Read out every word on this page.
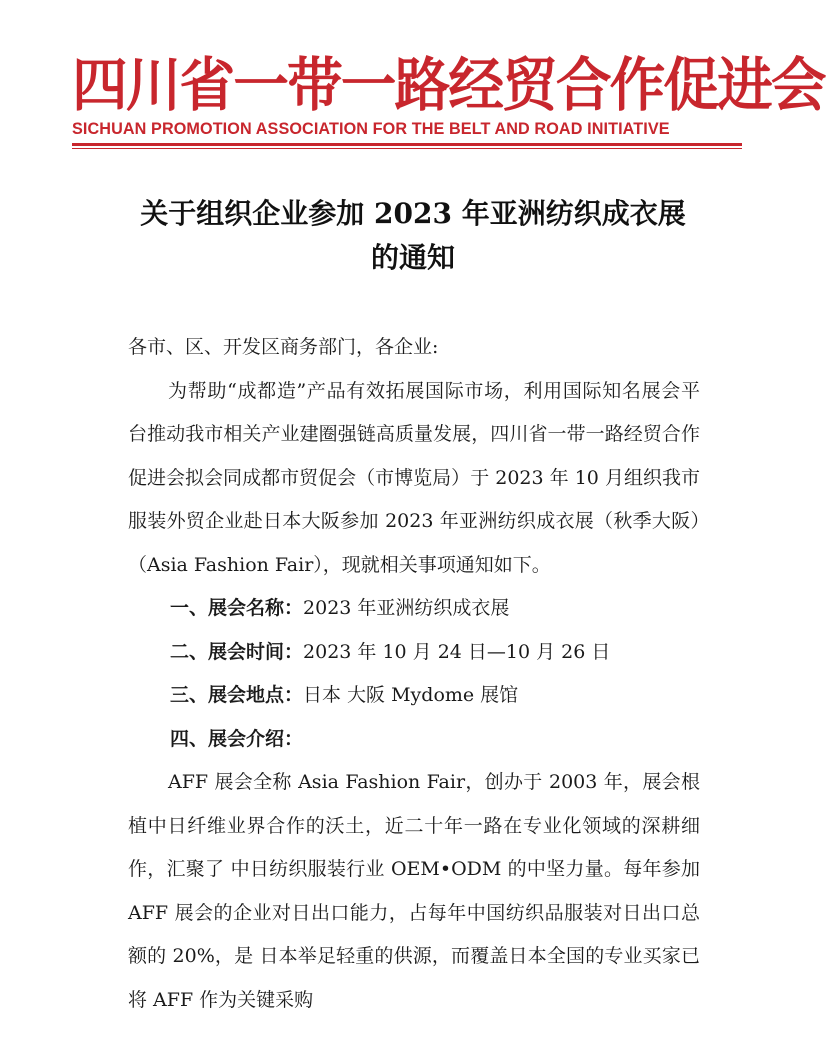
四川省一带一路经贸合作促进会
SICHUAN PROMOTION ASSOCIATION FOR THE BELT AND ROAD INITIATIVE
关于组织企业参加 2023 年亚洲纺织成衣展
的通知

各市、区、开发区商务部门，各企业:

为帮助“成都造”产品有效拓展国际市场，利用国际知名展会平台推动我市相关产业建圈强链高质量发展，四川省一带一路经贸合作促进会拟会同成都市贸促会（市博览局）于 2023 年 10 月组织我市服装外贸企业赴日本大阪参加 2023 年亚洲纺织成衣展（秋季大阪）（Asia Fashion Fair），现就相关事项通知如下。

一、展会名称：2023 年亚洲纺织成衣展

二、展会时间：2023 年 10 月 24 日—10 月 26 日

三、展会地点：日本 大阪 Mydome 展馆

四、展会介绍：

AFF 展会全称 Asia Fashion Fair，创办于 2003 年，展会根植中日纤维业界合作的沃土，近二十年一路在专业化领域的深耕细作，汇聚了 中日纺织服装行业 OEM•ODM 的中坚力量。每年参加 AFF 展会的企业对日出口能力，占每年中国纺织品服装对日出口总额的 20%，是 日本举足轻重的供源，而覆盖日本全国的专业买家已将 AFF 作为关键采购
